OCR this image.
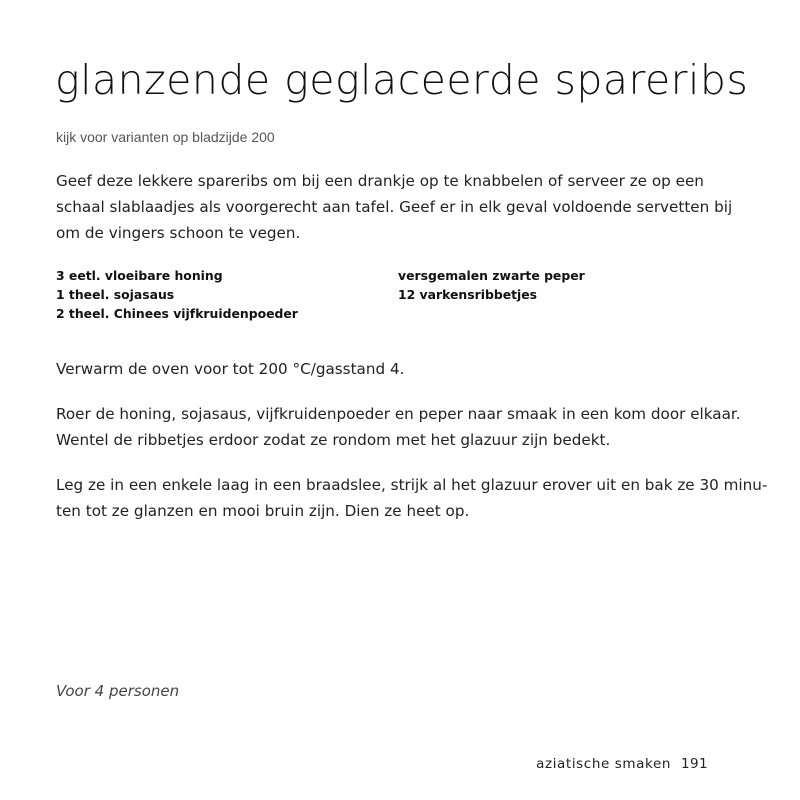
glanzende geglaceerde spareribs
kijk voor varianten op bladzijde 200
Geef deze lekkere spareribs om bij een drankje op te knabbelen of serveer ze op een
schaal slablaadjes als voorgerecht aan tafel. Geef er in elk geval voldoende servetten bij
om de vingers schoon te vegen.
3 eetl. vloeibare honing
1 theel. sojasaus
2 theel. Chinees vijfkruidenpoeder
versgemalen zwarte peper
12 varkensribbetjes
Verwarm de oven voor tot 200 °C/gasstand 4.
Roer de honing, sojasaus, vijfkruidenpoeder en peper naar smaak in een kom door elkaar.
Wentel de ribbetjes erdoor zodat ze rondom met het glazuur zijn bedekt.
Leg ze in een enkele laag in een braadslee, strijk al het glazuur erover uit en bak ze 30 minu-
ten tot ze glanzen en mooi bruin zijn. Dien ze heet op.
Voor 4 personen
aziatische smaken 191
